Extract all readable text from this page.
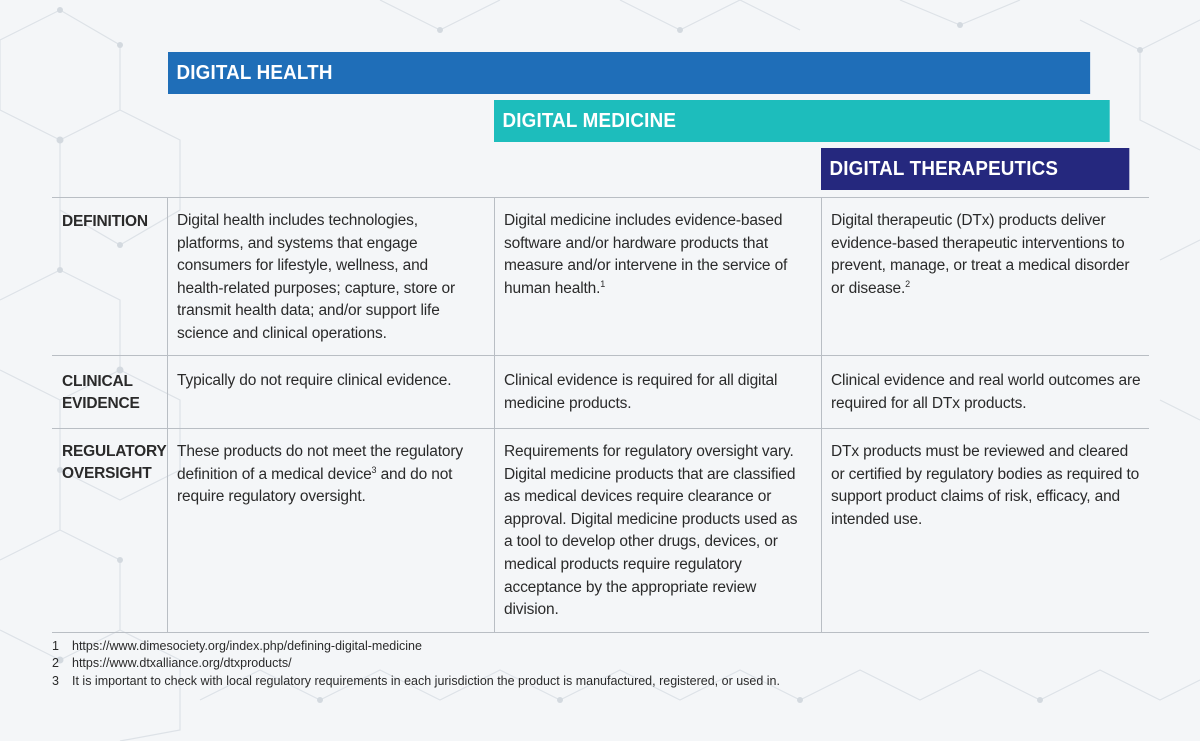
DIGITAL HEALTH
DIGITAL MEDICINE
DIGITAL THERAPEUTICS
DEFINITION	Digital health includes technologies, platforms, and systems that engage consumers for lifestyle, wellness, and health-related purposes; capture, store or transmit health data; and/or support life science and clinical operations.
Digital medicine includes evidence-based software and/or hardware products that measure and/or intervene in the service of human health.$^1$
Digital therapeutic (DTx) products deliver evidence-based therapeutic interventions to prevent, manage, or treat a medical disorder or disease.$^2$
CLINICAL
EVIDENCE
Typically do not require clinical evidence.	Clinical evidence is required for all digital medicine products.
Clinical evidence and real world outcomes are required for all DTx products.
REGULATORY
OVERSIGHT
These products do not meet the regulatory definition of a medical device$^3$ and do not require regulatory oversight.
Requirements for regulatory oversight vary. Digital medicine products that are classified as medical devices require clearance or approval. Digital medicine products used as a tool to develop other drugs, devices, or medical products require regulatory acceptance by the appropriate review division.
DTx products must be reviewed and cleared or certified by regulatory bodies as required to support product claims of risk, efficacy, and intended use.
1 https://www.dimesociety.org/index.php/defining-digital-medicine
2 https://www.dtxalliance.org/dtxproducts/
3 It is important to check with local regulatory requirements in each jurisdiction the product is manufactured, registered, or used in.
